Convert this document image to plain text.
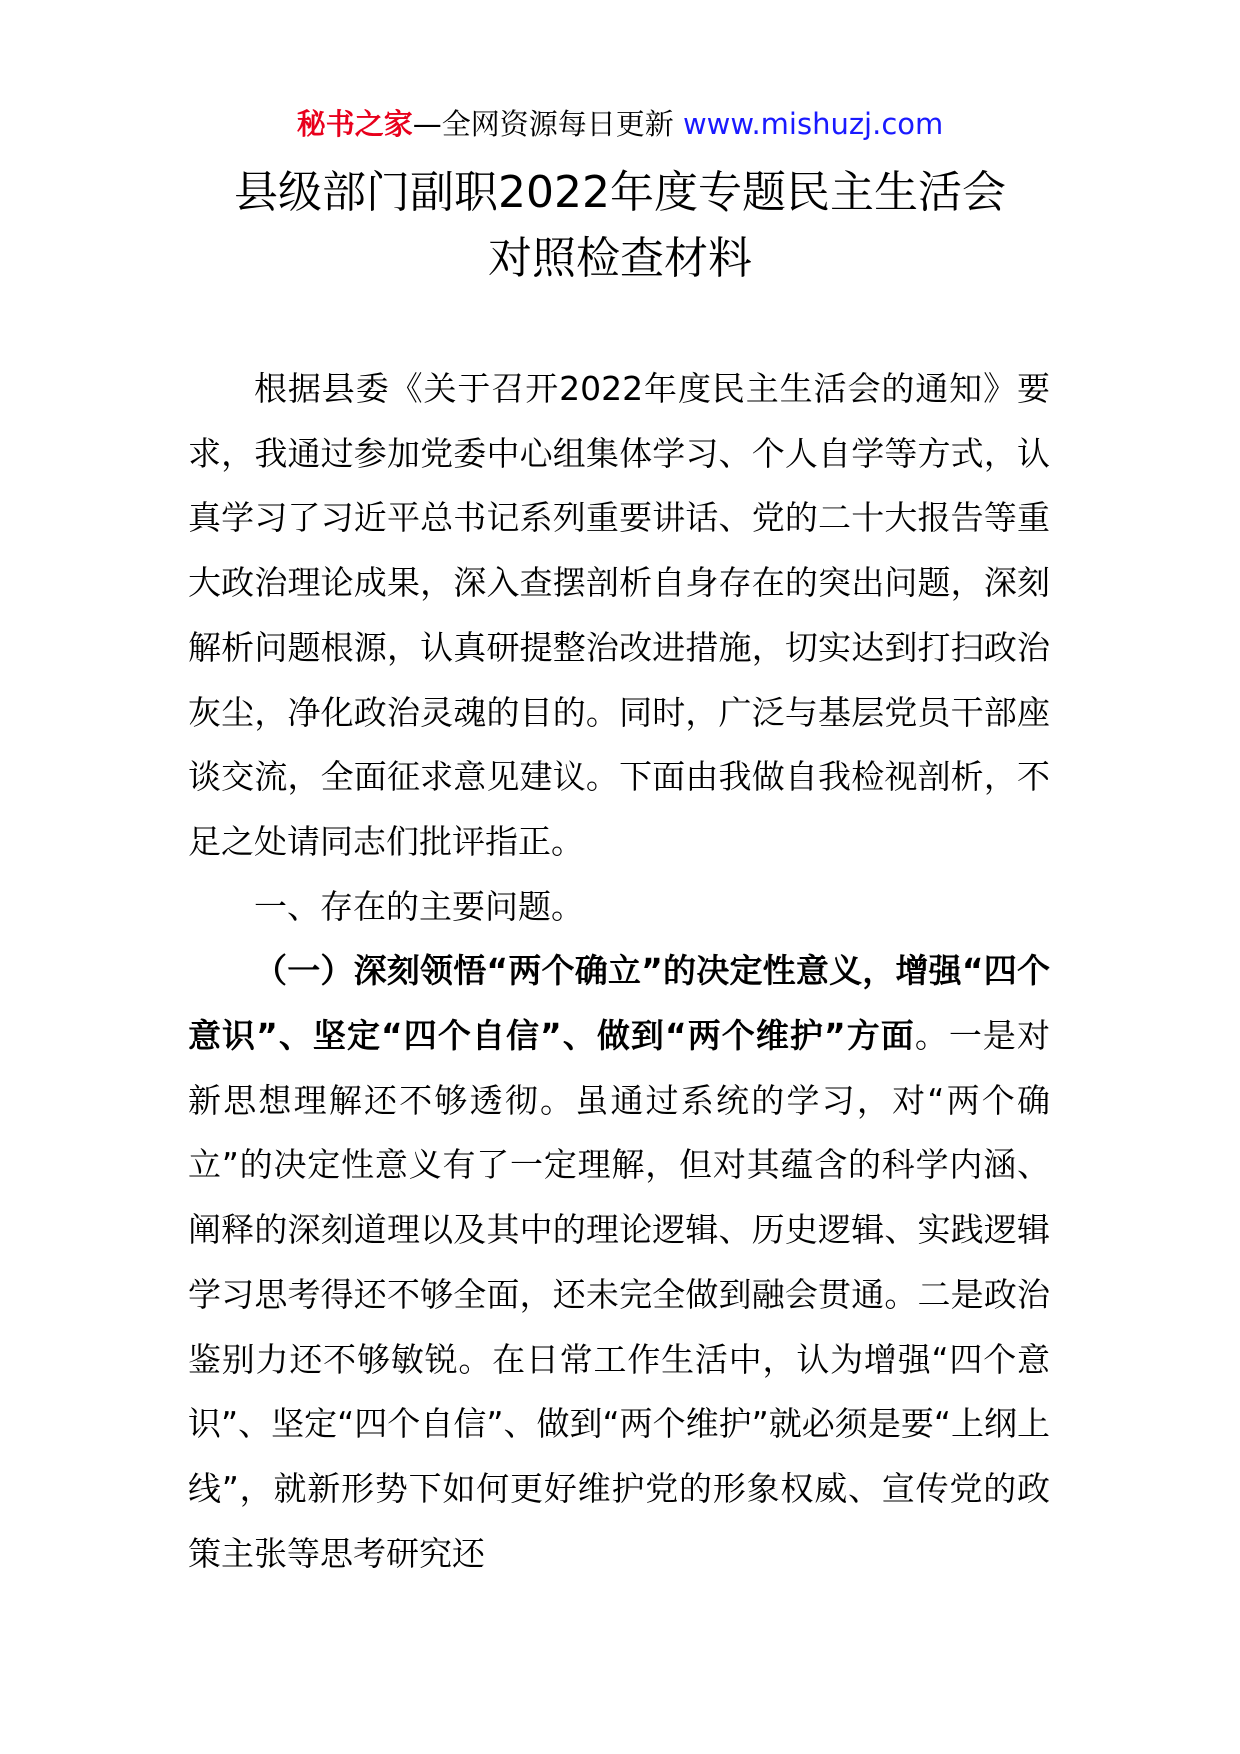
秘书之家—全网资源每日更新 www.mishuzj.com
县级部门副职2022年度专题民主生活会
对照检查材料

根据县委《关于召开2022年度民主生活会的通知》要求，我通过参加党委中心组集体学习、个人自学等方式，认真学习了习近平总书记系列重要讲话、党的二十大报告等重大政治理论成果，深入查摆剖析自身存在的突出问题，深刻解析问题根源，认真研提整治改进措施，切实达到打扫政治灰尘，净化政治灵魂的目的。同时，广泛与基层党员干部座谈交流，全面征求意见建议。下面由我做自我检视剖析，不足之处请同志们批评指正。

一、存在的主要问题。

（一）深刻领悟“两个确立”的决定性意义，增强“四个意识”、坚定“四个自信”、做到“两个维护”方面。一是对新思想理解还不够透彻。虽通过系统的学习，对“两个确立”的决定性意义有了一定理解，但对其蕴含的科学内涵、阐释的深刻道理以及其中的理论逻辑、历史逻辑、实践逻辑学习思考得还不够全面，还未完全做到融会贯通。二是政治鉴别力还不够敏锐。在日常工作生活中，认为增强“四个意识”、坚定“四个自信”、做到“两个维护”就必须是要“上纲上线”，就新形势下如何更好维护党的形象权威、宣传党的政策主张等思考研究还
